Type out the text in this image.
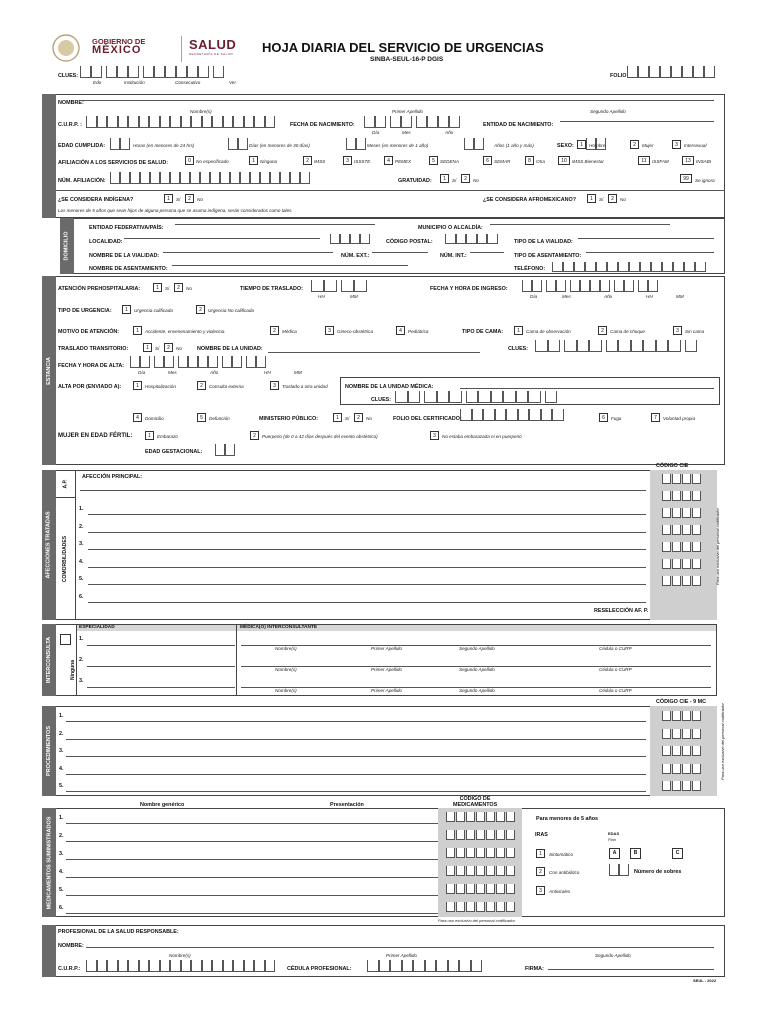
GOBIERNO DE
MÉXICO	SALUD
SECRETARÍA DE SALUD HOJA DIARIA DEL SERVICIO DE URGENCIAS
SINBA-SEUL-16-P DGIS
CLUES:
Edo	Institución	Consecutivo	Ver
FOLIO:
NOMBRE:
Nombre(s)	Primer Apellido	Segundo Apellido
C.U.R.P. :	FECHA DE NACIMIENTO:
Día	Mes	Año
ENTIDAD DE NACIMIENTO:
EDAD CUMPLIDA:	Horas (en menores de 24 hrs)	Días (en menores de 30 días)	Meses (en menores de 1 año)	Años (1 año y más)	SEXO:	1	Hombre	2	Mujer	3	Intersexual
AFILIACIÓN A LOS SERVICIOS DE SALUD:	0	No especificado	1	Ninguna	2	IMSS	3	ISSSTE	4	PEMEX	5	SEDENA	6	SEMAR	8	Otra	10	IMSS Bienestar	11	ISSFAM	13	INSABI
NÚM. AFILIACIÓN:	GRATUIDAD:	1	Sí	2	No	99	Se ignora
¿SE CONSIDERA INDÍGENA?	1	Sí	2	No	¿SE CONSIDERA AFROMEXICANO?	1	Sí	2	No
Los menores de 5 años que sean hijos de alguna persona que se asuma indígena, serán considerados como tales.
DOMICILIO
ENTIDAD FEDERATIVA/PAÍS:	MUNICIPIO O ALCALDÍA:
LOCALIDAD:	CÓDIGO POSTAL:	TIPO DE LA VIALIDAD:
NOMBRE DE LA VIALIDAD:	NÚM. EXT.:	NÚM. INT.:	TIPO DE ASENTAMIENTO:
NOMBRE DE ASENTAMIENTO:	TELÉFONO:
ESTANCIA
ATENCIÓN PREHOSPITALARIA:	1	Sí	2	No	TIEMPO DE TRASLADO:
HH	MM
FECHA Y HORA DE INGRESO:
Día	Mes	Año	HH	MM
TIPO DE URGENCIA:	1	Urgencia calificada	2	Urgencia No calificada
MOTIVO DE ATENCIÓN:	1	Accidente, envenenamiento y violencia	2	Médica	3	Gineco-obstétrica	4	Pediátrica	TIPO DE CAMA:	1	Cama de observación	2	Cama de choque	3	Sin cama
TRASLADO TRANSITORIO:	1	Sí	2	No	NOMBRE DE LA UNIDAD:	CLUES:
FECHA Y HORA DE ALTA:
Día	Mes	Año	HH	MM
ALTA POR (ENVIADO A):	1	Hospitalización	2	Consulta externa	3	Traslado a otra unidad	NOMBRE DE LA UNIDAD MÉDICA:
CLUES:
4	Domicilio	5	Defunción	MINISTERIO PÚBLICO:	1	Sí	2	No	FOLIO DEL CERTIFICADO:	6	Fuga	7	Voluntad propia
MUJER EN EDAD FÉRTIL:	1	Embarazo	2	Puerperio (de 0 a 42 días después del evento obstétrico)	3	No estaba embarazada ni en puerperio
EDAD GESTACIONAL:
CÓDIGO CIE
AFECCIONES TRATADAS
A.P.
COMORBILIDADES
AFECCIÓN PRINCIPAL:
1.
2.
3.
4.
5.
6.
RESELECCIÓN AF. P.
Para uso exclusivo del personal codificador
INTERCONSULTA	Ninguna
ESPECIALIDAD	MÉDICA(O) INTERCONSULTANTE
1.
Nombre(s)	Primer Apellido	Segundo Apellido	Cédula o CURP
2.
Nombre(s)	Primer Apellido	Segundo Apellido	Cédula o CURP
3.
Nombre(s)	Primer Apellido	Segundo Apellido	Cédula o CURP
CÓDIGO CIE - 9 MC
PROCEDIMIENTOS
1.
2.
3.
4.
5.
Para uso exclusivo del personal codificador
Nombre genérico	Presentación
CÓDIGO DE MEDICAMENTOS
MEDICAMENTOS SUMINISTRADOS 1.
2.
3.
4.
5.
6.
Para uso exclusivo del personal codificador
Para menores de 5 años
IRAS	EDAS
Plan
1	Sintomático	A	B	C
2	Con antibiótico	Número de sobres
3	Antivirales
PROFESIONAL DE LA SALUD RESPONSABLE:
NOMBRE:
Nombre(s)	Primer Apellido	Segundo Apellido
C.U.R.P.:	CÉDULA PROFESIONAL:	FIRMA:
SEUL - 2022
